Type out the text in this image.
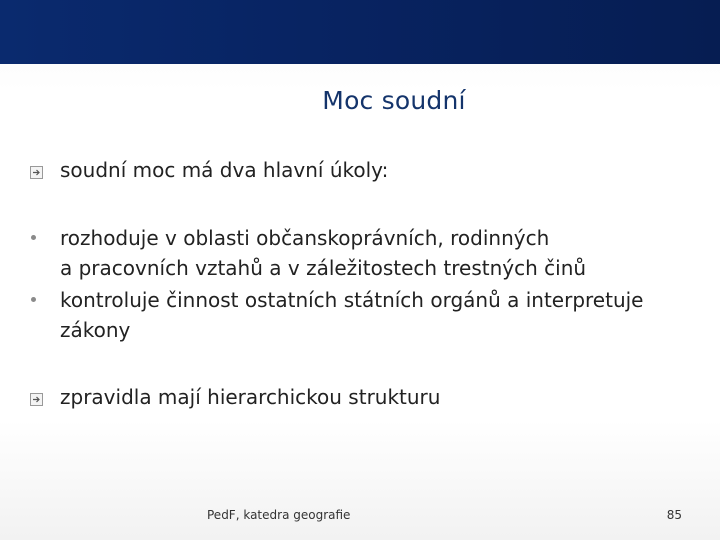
Moc soudní
soudní moc má dva hlavní úkoly:
rozhoduje v oblasti občanskoprávních, rodinných
a pracovních vztahů a v záležitostech trestných činů
kontroluje činnost ostatních státních orgánů a interpretuje
zákony
zpravidla mají hierarchickou strukturu
PedF, katedra geografie	85
